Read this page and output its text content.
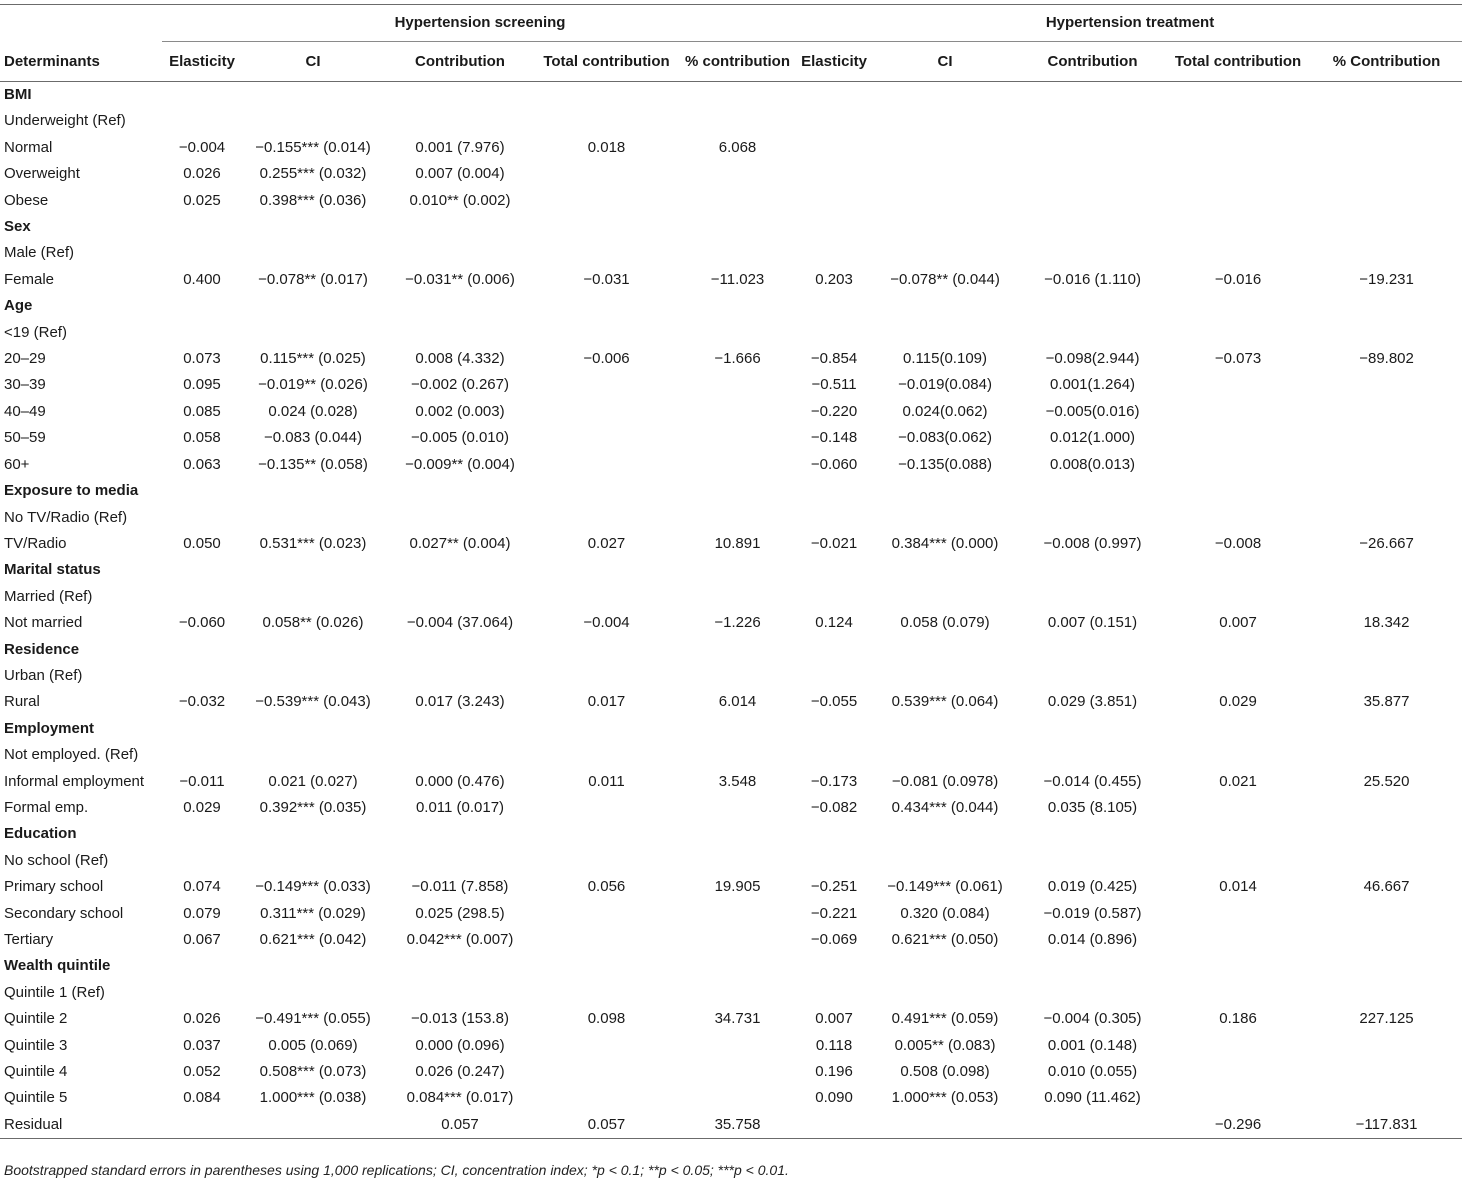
	Hypertension screening					Hypertension treatment				
Determinants	Elasticity	CI	Contribution	Total contribution	% contribution	Elasticity	CI	Contribution	Total contribution	% Contribution
BMI										
Underweight (Ref)										
Normal	−0.004	−0.155*** (0.014)	0.001 (7.976)	0.018	6.068					
Overweight	0.026	0.255*** (0.032)	0.007 (0.004)							
Obese	0.025	0.398*** (0.036)	0.010** (0.002)							
Sex										
Male (Ref)										
Female	0.400	−0.078** (0.017)	−0.031** (0.006)	−0.031	−11.023	0.203	−0.078** (0.044)	−0.016 (1.110)	−0.016	−19.231
Age										
<19 (Ref)										
20–29	0.073	0.115*** (0.025)	0.008 (4.332)	−0.006	−1.666	−0.854	0.115(0.109)	−0.098(2.944)	−0.073	−89.802
30–39	0.095	−0.019** (0.026)	−0.002 (0.267)			−0.511	−0.019(0.084)	0.001(1.264)		
40–49	0.085	0.024 (0.028)	0.002 (0.003)			−0.220	0.024(0.062)	−0.005(0.016)		
50–59	0.058	−0.083 (0.044)	−0.005 (0.010)			−0.148	−0.083(0.062)	0.012(1.000)		
60+	0.063	−0.135** (0.058)	−0.009** (0.004)			−0.060	−0.135(0.088)	0.008(0.013)		
Exposure to media										
No TV/Radio (Ref)										
TV/Radio	0.050	0.531*** (0.023)	0.027** (0.004)	0.027	10.891	−0.021	0.384*** (0.000)	−0.008 (0.997)	−0.008	−26.667
Marital status										
Married (Ref)										
Not married	−0.060	0.058** (0.026)	−0.004 (37.064)	−0.004	−1.226	0.124	0.058 (0.079)	0.007 (0.151)	0.007	18.342
Residence										
Urban (Ref)										
Rural	−0.032	−0.539*** (0.043)	0.017 (3.243)	0.017	6.014	−0.055	0.539*** (0.064)	0.029 (3.851)	0.029	35.877
Employment										
Not employed. (Ref)										
Informal employment	−0.011	0.021 (0.027)	0.000 (0.476)	0.011	3.548	−0.173	−0.081 (0.0978)	−0.014 (0.455)	0.021	25.520
Formal emp.	0.029	0.392*** (0.035)	0.011 (0.017)			−0.082	0.434*** (0.044)	0.035 (8.105)		
Education										
No school (Ref)										
Primary school	0.074	−0.149*** (0.033)	−0.011 (7.858)	0.056	19.905	−0.251	−0.149*** (0.061)	0.019 (0.425)	0.014	46.667
Secondary school	0.079	0.311*** (0.029)	0.025 (298.5)			−0.221	0.320 (0.084)	−0.019 (0.587)		
Tertiary	0.067	0.621*** (0.042)	0.042*** (0.007)			−0.069	0.621*** (0.050)	0.014 (0.896)		
Wealth quintile										
Quintile 1 (Ref)										
Quintile 2	0.026	−0.491*** (0.055)	−0.013 (153.8)	0.098	34.731	0.007	0.491*** (0.059)	−0.004 (0.305)	0.186	227.125
Quintile 3	0.037	0.005 (0.069)	0.000 (0.096)			0.118	0.005** (0.083)	0.001 (0.148)		
Quintile 4	0.052	0.508*** (0.073)	0.026 (0.247)			0.196	0.508 (0.098)	0.010 (0.055)		
Quintile 5	0.084	1.000*** (0.038)	0.084*** (0.017)			0.090	1.000*** (0.053)	0.090 (11.462)		
Residual			0.057	0.057	35.758				−0.296	−117.831
Bootstrapped standard errors in parentheses using 1,000 replications; CI, concentration index; *p < 0.1; **p < 0.05; ***p < 0.01.
